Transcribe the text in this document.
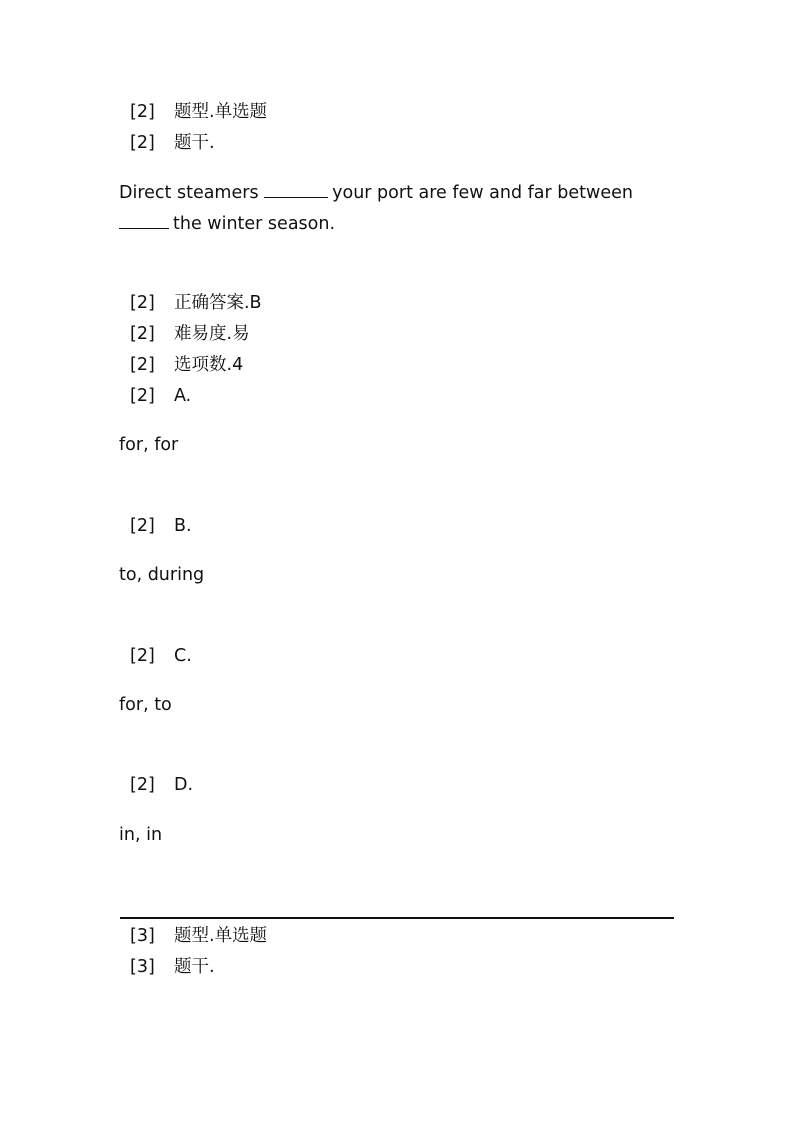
[2] 题型.单选题
[2] 题干.
Direct steamers	your port are few and far between
the winter season.
[2] 正确答案.B
[2] 难易度.易
[2] 选项数.4
[2] A.
for, for
[2] B.
to, during
[2] C.
for, to
[2] D.
in, in
[3] 题型.单选题
[3] 题干.
